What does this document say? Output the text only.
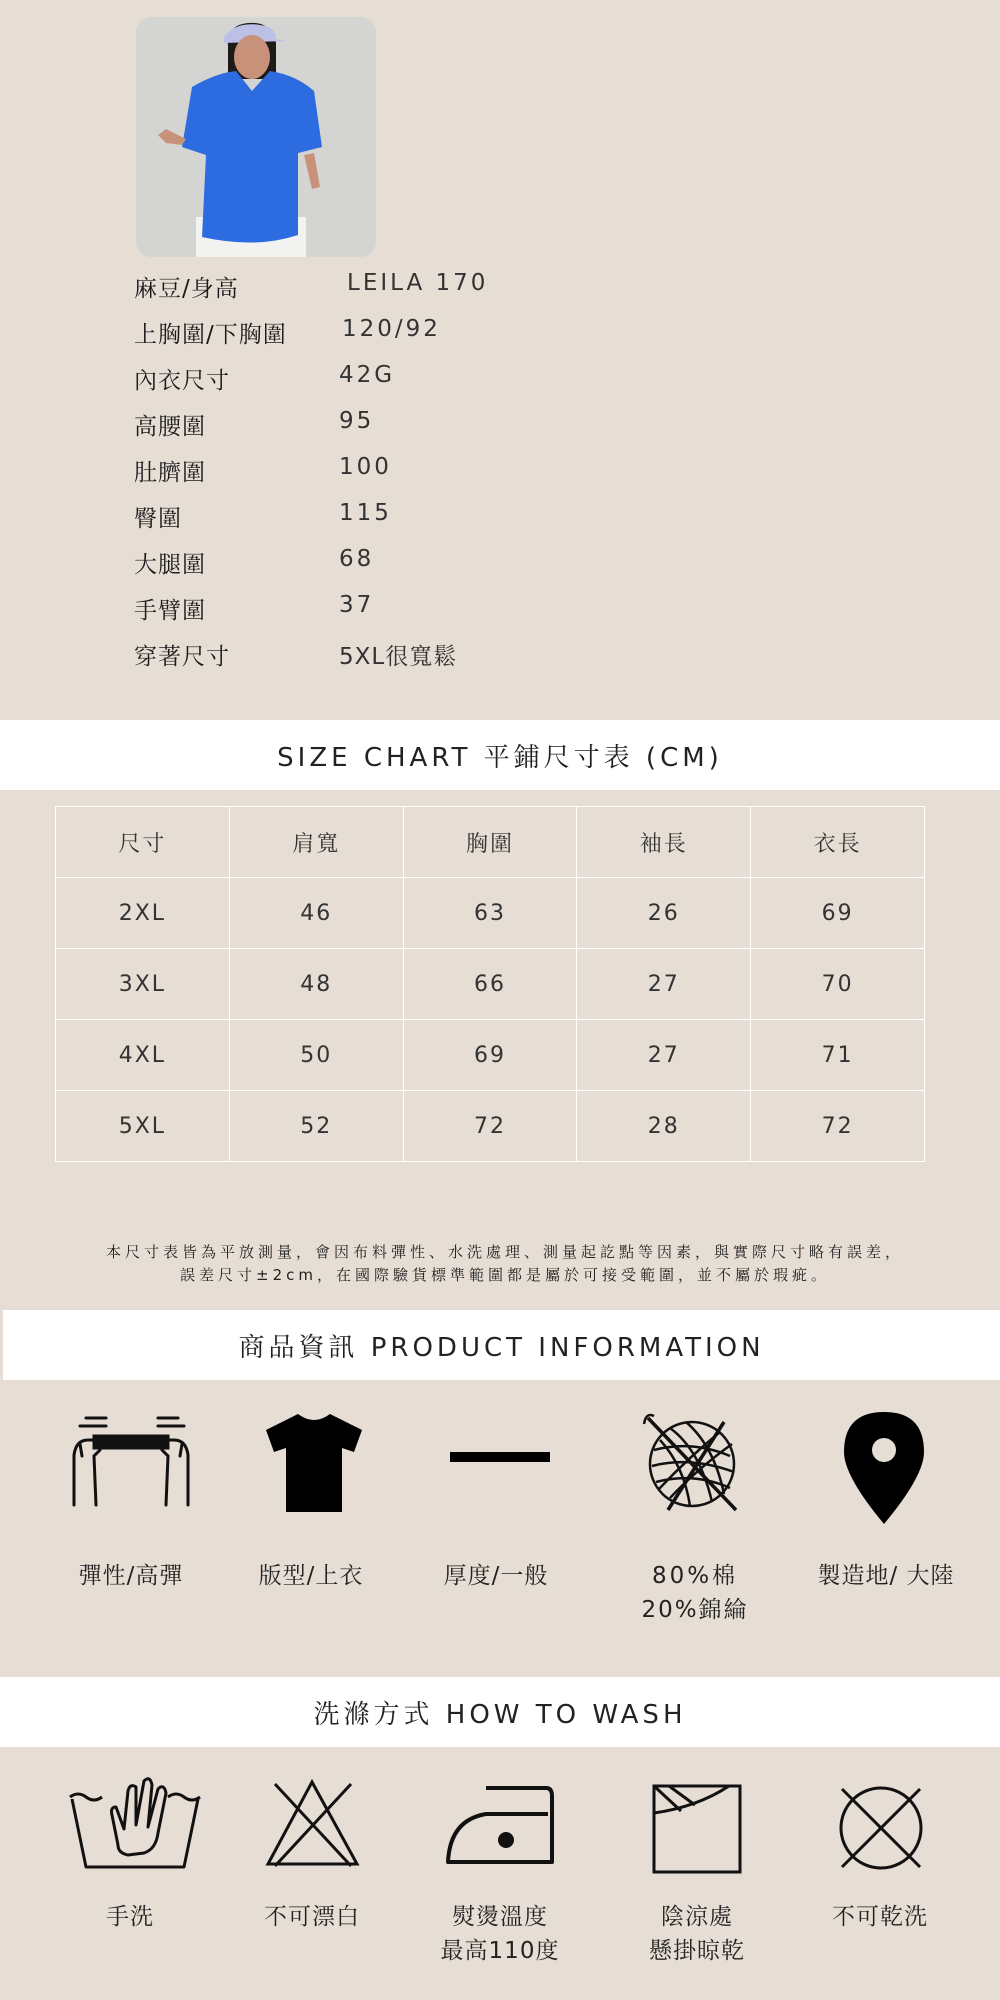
麻豆/身高	LEILA 170
上胸圍/下胸圍 120/92
內衣尺寸	42G
高腰圍	95
肚臍圍	100
臀圍	115
大腿圍	68
手臂圍	37
穿著尺寸	5XL很寬鬆
SIZE CHART 平鋪尺寸表 (CM)
尺寸	肩寬	胸圍	袖長	衣長
2XL	46	63	26	69
3XL	48	66	27	70
4XL	50	69	27	71
5XL	52	72	28	72
本尺寸表皆為平放測量，會因布料彈性、水洗處理、測量起訖點等因素，與實際尺寸略有誤差，
誤差尺寸±2cm，在國際驗貨標準範圍都是屬於可接受範圍，並不屬於瑕疵。
商品資訊 PRODUCT INFORMATION
彈性/高彈	版型/上衣	厚度/一般	80%棉
20%錦綸
製造地/ 大陸
洗滌方式 HOW TO WASH
手洗	不可漂白	熨燙溫度
最高110度
陰涼處
懸掛晾乾
不可乾洗
